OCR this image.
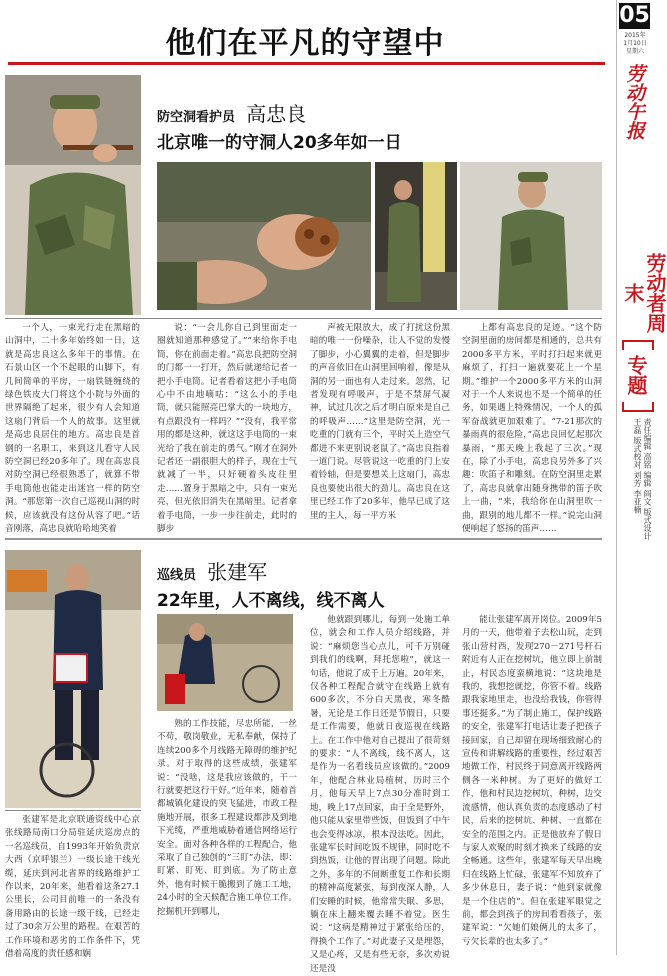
他们在平凡的守望中
05
2015年
1月10日
星期六
劳动午报
劳动者周末
专题
责任编辑 高铭 编辑 阎文 版式设计 王磊 版式校对 刘芳 李亚楠
防空洞看护员 高忠良
北京唯一的守洞人20多年如一日
一个人，一束光行走在黑暗的山洞中，二十多年始终如一日，这就是高忠良这么多年干的事情。在石景山区一个不起眼的山脚下，有几间简单的平房，一扇铁链缠绕的绿色铁皮大门将这个小院与外面的世界隔绝了起来，很少有人会知道这扇门背后一个人的故事。这里就是高忠良居住的地方。高忠良是首钢的一名职工，来到这儿看守人民防空洞已经20多年了。现在高忠良对防空洞已经很熟悉了，就算不带手电筒他也能走出迷宫一样的防空洞。“那您第一次自己巡视山洞的时候，应该就没有这份从容了吧。”话音刚落，高忠良就哈哈地笑着
说：“一会儿你自己到里面走一圈就知道那种感觉了。”“来给你手电筒，你在前面走着。”高忠良把防空洞的门都一一打开，然后就递给记者一把小手电筒。记者看着这把小手电筒心中不由地嘀咕：“这么小的手电筒，就只能照亮巴掌大的一块地方，有点跟没有一样吗？”“没有，我平常用的都是这种，就这这手电筒的一束光给了我在前走的勇气。”刚才在洞外记者还一副很胆大的样子，现在士气就减了一半，只好硬着头皮往里走……置身于黑暗之中，只有一束光亮，但光依旧消失在黑暗里。记者拿着手电筒，一步一步往前走，此时的脚步
声被无限放大，成了打扰这份黑暗的唯一一份噪杂，让人不觉的发慢了脚步，小心翼翼的走着，但是脚步的声音依旧在山洞里回响着，像是从洞的另一面也有人走过来。忽然，记者发现有呼吸声，于是不禁屏气凝神，试过几次之后才明白原来是自己的呼吸声……“这里是防空洞，光一吃重的门就有三个，平时关上造空气都进不来更别说老鼠了。”高忠良指着一道门说。尽管说这一吃重的门上安着铃轴，但是要想关上这扇门，高忠良也要使出很大的劲儿。高忠良在这里已经工作了20多年，他早已成了这里的主人，每一平方米
上都有高忠良的足迹。“这个防空洞里面的房间都是相通的，总共有2000多平方米，平时打扫起来就更麻烦了，打扫一遍就要花上一个星期。”维护一个2000多平方米的山洞对于一个人来说也不是一个简单的任务，如果遇上特殊情况，一个人的孤军奋战就更加艰难了。“7-21那次的暴雨真的很危险，”高忠良回忆起那次暴雨，“那天晚上我起了三次。”现在，除了小手电，高忠良另外多了兴趣：吹笛子和雕刻。在防空洞里走累了，高忠良就拿出随身携带的笛子吹上一曲，“来，我给你在山洞里吹一曲，跟别的地儿都不一样。”说完山洞便响起了悠扬的笛声……
巡线员 张建军
22年里，人不离线，线不离人
张建军是北京联通资线中心京张线路局南口分局驻延庆巡房点的一名巡线员，自1993年开始负责京大西（京呼银兰）一级长途干线光缆，延庆到河北省界的线路维护工作以来，20年来，他看着这条27.1公里长，公司目前唯一的一条没有备用路由的长途一级干线，已经走过了30余万公里的路程。在艰苦的工作环境和恶劣的工作条件下，凭借着高度的责任感和娴
熟的工作技能，尽忠所能，一丝不苟，敬岗敬业，无私奉献，保持了连续200多个月线路无障碍的维护纪录。对于取得的这些成绩，张建军说：“没啥，这是我应该做的，干一行就要把这行干好。”近年来，随着首都城镇化建设的突飞猛进，市政工程施地开展，很多工程建设都涉及到地下光缆，严重地威胁着通信网络运行安全。面对各种各样的工程配合，他采取了自己独创的“三盯”办法，即：盯紧、盯死、盯到底。为了防止意外，他有时候干脆搬到了施工工地，24小时的全天候配合施工单位工作。挖掘机开到哪儿，
他就跟到哪儿，每到一处施工单位，就会和工作人员介绍线路，并说：“麻烦您当心点儿，可千万别碰到我们的线啊，拜托您啦”，就这一句话，他说了成千上万遍。20年来，仅各种工程配合就守在线路上就有600多次，不分白天黑夜，寒冬酷暑，无论是工作日还是节假日，只要是工作需要，他就日夜巡视在线路上。在工作中他对自己提出了很苛刻的要求：“人不离线，线不离人，这是作为一名看线员应该做的。”2009年，他配合林业局植树，历时三个月，他每天早上7点30分准时到工地，晚上17点回家，由于全是野外，他只能从家里带些饭，但饭到了中午也会变得冰凉，根本没法吃。因此，张建军长时间吃饭不规律，同时吃不到热饭，让他的胃出现了问题。除此之外，多年的不间断重复工作和长期的精神高度紧张，每到夜深人静，人们安睡的时候，他常常失眠、多思，躺在床上翻来覆去睡不着觉。医生说：“这病是精神过于紧张给压的，得换个工作了。”对此妻子又是埋怨，又是心疼，又是有些无奈，多次劝说还是没
能让张建军离开岗位。2009年5月的一天，他带着子去松山玩，走到张山营村西，发现270－271号杆石附近有人正在挖树坑，他立即上前制止，村民态度蛮横地说：“这块地是我的，我想挖就挖，你管不着。线路跟我家地里走，也没给我钱，你管得事还挺多。”为了制止施工，保护线路的安全，张建军打电话让妻子把孩子接回家，自己却留在现场细致耐心的宣传和讲解线路的重要性，经过艰苦地做工作，村民终于同意离开线路两侧各一米种树。为了更好的做好工作，他和村民边挖树坑，种树，边交流感情，他认真负责的态度感动了村民，后来的挖树坑、种树、一直都在安全的范围之内。正是他放弃了假日与家人欢聚的时刻才换来了线路的安全畅通。这些年，张建军每天早出晚归在线路上忙碌，张建军不知放弃了多少休息日，妻子说：“他到家就像是一个住店的”。但在张建军眼觉之前，都会到孩子的房间看看孩子，张建军说：“欠她们娘俩儿的太多了，亏欠长辈的也太多了。”
